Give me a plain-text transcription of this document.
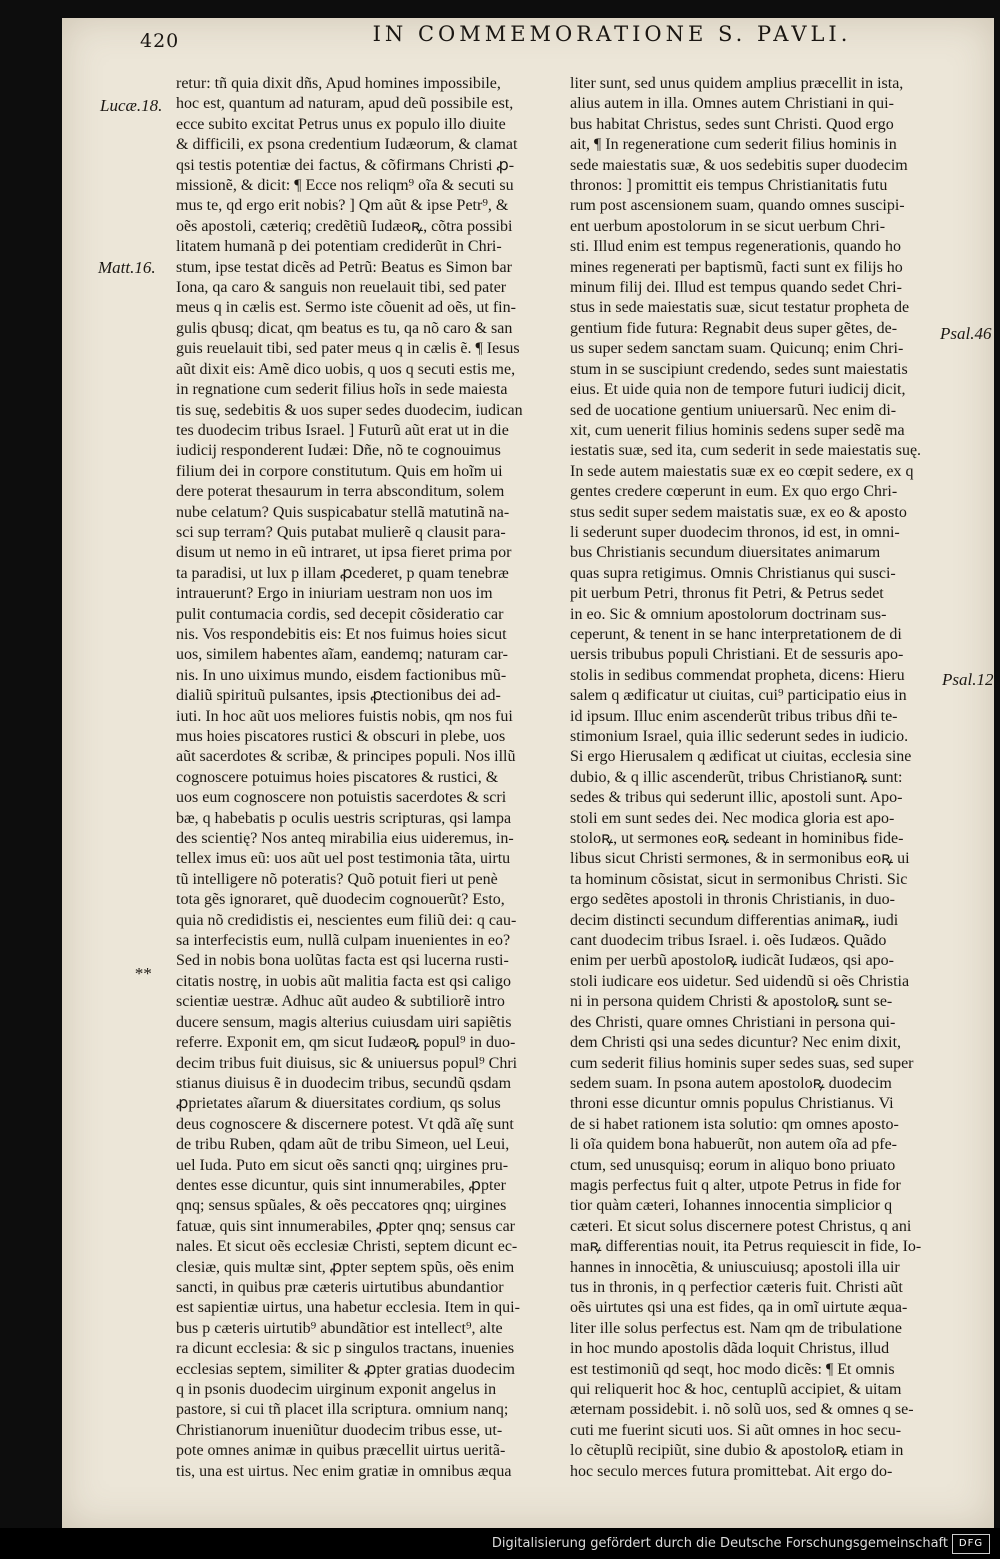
420	IN COMMEMORATIONE S. PAVLI.
Lucæ.18.
Matt.16.
**
Psal.46
Psal.12
retur: tñ quia dixit dñs, Apud homines impossibile,
hoc est, quantum ad naturam, apud deũ possibile est,
ecce subito excitat Petrus unus ex populo illo diuite
& difficili, ex psona credentium Iudæorum, & clamat
qsi testis potentiæ dei factus, & cõfirmans Christi ꝓ-
missionẽ, & dicit: ¶ Ecce nos reliqm⁹ oĩa & secuti su
mus te, qd ergo erit nobis? ] Qm aũt & ipse Petr⁹, &
oẽs apostoli, cæteriq; credẽtiũ Iudæoꝶ, cõtra possibi
litatem humanã p dei potentiam crediderũt in Chri-
stum, ipse testat dicẽs ad Petrũ: Beatus es Simon bar
Iona, qa caro & sanguis non reuelauit tibi, sed pater
meus q in cælis est. Sermo iste cõuenit ad oẽs, ut fin-
gulis qbusq; dicat, qm beatus es tu, qa nõ caro & san
guis reuelauit tibi, sed pater meus q in cælis ẽ. ¶ Iesus
aũt dixit eis: Amẽ dico uobis, q uos q secuti estis me,
in regnatione cum sederit filius hoĩs in sede maiesta
tis suę, sedebitis & uos super sedes duodecim, iudican
tes duodecim tribus Israel. ] Futurũ aũt erat ut in die
iudicij responderent Iudæi: Dñe, nõ te cognouimus
filium dei in corpore constitutum. Quis em hoĩm ui
dere poterat thesaurum in terra absconditum, solem
nube celatum? Quis suspicabatur stellã matutinã na-
sci sup terram? Quis putabat mulierẽ q clausit para-
disum ut nemo in eũ intraret, ut ipsa fieret prima por
ta paradisi, ut lux p illam ꝓcederet, p quam tenebræ
intrauerunt? Ergo in iniuriam uestram non uos im
pulit contumacia cordis, sed decepit cõsideratio car
nis. Vos respondebitis eis: Et nos fuimus hoies sicut
uos, similem habentes aĩam, eandemq; naturam car-
nis. In uno uiximus mundo, eisdem factionibus mũ-
dialiũ spirituũ pulsantes, ipsis ꝓtectionibus dei ad-
iuti. In hoc aũt uos meliores fuistis nobis, qm nos fui
mus hoies piscatores rustici & obscuri in plebe, uos
aũt sacerdotes & scribæ, & principes populi. Nos illũ
cognoscere potuimus hoies piscatores & rustici, &
uos eum cognoscere non potuistis sacerdotes & scri
bæ, q habebatis p oculis uestris scripturas, qsi lampa
des scientię? Nos anteq mirabilia eius uideremus, in-
tellex imus eũ: uos aũt uel post testimonia tãta, uirtu
tũ intelligere nõ poteratis? Quõ potuit fieri ut penè
tota gẽs ignoraret, quẽ duodecim cognouerũt? Esto,
quia nõ credidistis ei, nescientes eum filiũ dei: q cau-
sa interfecistis eum, nullã culpam inuenientes in eo?
Sed in nobis bona uolũtas facta est qsi lucerna rusti-
citatis nostrę, in uobis aũt malitia facta est qsi caligo
scientiæ uestræ. Adhuc aũt audeo & subtiliorẽ intro
ducere sensum, magis alterius cuiusdam uiri sapiẽtis
referre. Exponit em, qm sicut Iudæoꝶ popul⁹ in duo-
decim tribus fuit diuisus, sic & uniuersus popul⁹ Chri
stianus diuisus ẽ in duodecim tribus, secundũ qsdam
ꝓprietates aĩarum & diuersitates cordium, qs solus
deus cognoscere & discernere potest. Vt qdã aĩę sunt
de tribu Ruben, qdam aũt de tribu Simeon, uel Leui,
uel Iuda. Puto em sicut oẽs sancti qnq; uirgines pru-
dentes esse dicuntur, quis sint innumerabiles, ꝓpter
qnq; sensus spũales, & oẽs peccatores qnq; uirgines
fatuæ, quis sint innumerabiles, ꝓpter qnq; sensus car
nales. Et sicut oẽs ecclesiæ Christi, septem dicunt ec-
clesiæ, quis multæ sint, ꝓpter septem spũs, oẽs enim
sancti, in quibus præ cæteris uirtutibus abundantior
est sapientiæ uirtus, una habetur ecclesia. Item in qui-
bus p cæteris uirtutib⁹ abundãtior est intellect⁹, alte
ra dicunt ecclesia: & sic p singulos tractans, inuenies
ecclesias septem, similiter & ꝓpter gratias duodecim
q in psonis duodecim uirginum exponit angelus in
pastore, si cui tñ placet illa scriptura. omnium nanq;
Christianorum inueniũtur duodecim tribus esse, ut-
pote omnes animæ in quibus præcellit uirtus ueritã-
tis, una est uirtus. Nec enim gratiæ in omnibus æqua
liter sunt, sed unus quidem amplius præcellit in ista,
alius autem in illa. Omnes autem Christiani in qui-
bus habitat Christus, sedes sunt Christi. Quod ergo
ait, ¶ In regeneratione cum sederit filius hominis in
sede maiestatis suæ, & uos sedebitis super duodecim
thronos: ] promittit eis tempus Christianitatis futu
rum post ascensionem suam, quando omnes suscipi-
ent uerbum apostolorum in se sicut uerbum Chri-
sti. Illud enim est tempus regenerationis, quando ho
mines regenerati per baptismũ, facti sunt ex filijs ho
minum filij dei. Illud est tempus quando sedet Chri-
stus in sede maiestatis suæ, sicut testatur propheta de
gentium fide futura: Regnabit deus super gẽtes, de-
us super sedem sanctam suam. Quicunq; enim Chri-
stum in se suscipiunt credendo, sedes sunt maiestatis
eius. Et uide quia non de tempore futuri iudicij dicit,
sed de uocatione gentium uniuersarũ. Nec enim di-
xit, cum uenerit filius hominis sedens super sedẽ ma
iestatis suæ, sed ita, cum sederit in sede maiestatis suę.
In sede autem maiestatis suæ ex eo cœpit sedere, ex q
gentes credere cœperunt in eum. Ex quo ergo Chri-
stus sedit super sedem maistatis suæ, ex eo & aposto
li sederunt super duodecim thronos, id est, in omni-
bus Christianis secundum diuersitates animarum
quas supra retigimus. Omnis Christianus qui susci-
pit uerbum Petri, thronus fit Petri, & Petrus sedet
in eo. Sic & omnium apostolorum doctrinam sus-
ceperunt, & tenent in se hanc interpretationem de di
uersis tribubus populi Christiani. Et de sessuris apo-
stolis in sedibus commendat propheta, dicens: Hieru
salem q ædificatur ut ciuitas, cui⁹ participatio eius in
id ipsum. Illuc enim ascenderũt tribus tribus dñi te-
stimonium Israel, quia illic sederunt sedes in iudicio.
Si ergo Hierusalem q ædificat ut ciuitas, ecclesia sine
dubio, & q illic ascenderũt, tribus Christianoꝶ sunt:
sedes & tribus qui sederunt illic, apostoli sunt. Apo-
stoli em sunt sedes dei. Nec modica gloria est apo-
stoloꝶ, ut sermones eoꝶ sedeant in hominibus fide-
libus sicut Christi sermones, & in sermonibus eoꝶ ui
ta hominum cõsistat, sicut in sermonibus Christi. Sic
ergo sedẽtes apostoli in thronis Christianis, in duo-
decim distincti secundum differentias animaꝶ, iudi
cant duodecim tribus Israel. i. oẽs Iudæos. Quãdo
enim per uerbũ apostoloꝶ iudicãt Iudæos, qsi apo-
stoli iudicare eos uidetur. Sed uidendũ si oẽs Christia
ni in persona quidem Christi & apostoloꝶ sunt se-
des Christi, quare omnes Christiani in persona qui-
dem Christi qsi una sedes dicuntur? Nec enim dixit,
cum sederit filius hominis super sedes suas, sed super
sedem suam. In psona autem apostoloꝶ duodecim
throni esse dicuntur omnis populus Christianus. Vi
de si habet rationem ista solutio: qm omnes aposto-
li oĩa quidem bona habuerũt, non autem oĩa ad pfe-
ctum, sed unusquisq; eorum in aliquo bono priuato
magis perfectus fuit q alter, utpote Petrus in fide for
tior quàm cæteri, Iohannes innocentia simplicior q
cæteri. Et sicut solus discernere potest Christus, q ani
maꝶ differentias nouit, ita Petrus requiescit in fide, Io-
hannes in innocẽtia, & uniuscuiusq; apostoli illa uir
tus in thronis, in q perfectior cæteris fuit. Christi aũt
oẽs uirtutes qsi una est fides, qa in omĩ uirtute æqua-
liter ille solus perfectus est. Nam qm de tribulatione
in hoc mundo apostolis dãda loquit Christus, illud
est testimoniũ qd seqt, hoc modo dicẽs: ¶ Et omnis
qui reliquerit hoc & hoc, centuplũ accipiet, & uitam
æternam possidebit. i. nõ solũ uos, sed & omnes q se-
cuti me fuerint sicuti uos. Si aũt omnes in hoc secu-
lo cẽtuplũ recipiũt, sine dubio & apostoloꝶ etiam in
hoc seculo merces futura promittebat. Ait ergo do-
Digitalisierung gefördert durch die Deutsche Forschungsgemeinschaft	DFG
